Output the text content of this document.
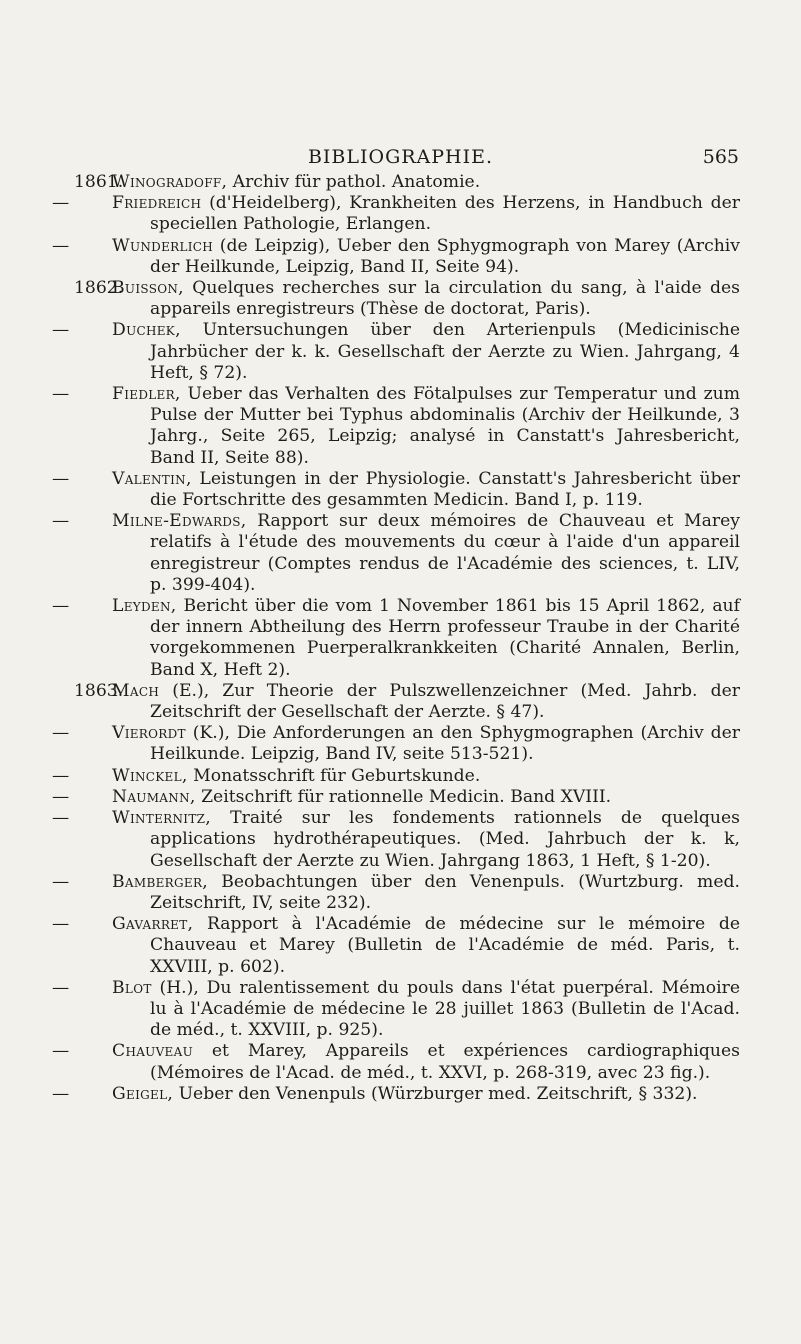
BIBLIOGRAPHIE.	565

1861.
Winogradoff, Archiv für pathol. Anatomie.

—	Friedreich (d'Heidelberg), Krankheiten des Herzens, in Handbuch der speciellen Pathologie, Erlangen.

—	Wunderlich (de Leipzig), Ueber den Sphygmograph von Marey (Archiv der Heilkunde, Leipzig, Band II, Seite 94).

1862.
Buisson, Quelques recherches sur la circulation du sang, à l'aide des appareils enregistreurs (Thèse de doctorat, Paris).

—	Duchek, Untersuchungen über den Arterienpuls (Medicinische Jahrbücher der k. k. Gesellschaft der Aerzte zu Wien. Jahrgang, 4 Heft, § 72).

—	Fiedler, Ueber das Verhalten des Fötalpulses zur Temperatur und zum Pulse der Mutter bei Typhus abdominalis (Archiv der Heilkunde, 3 Jahrg., Seite 265, Leipzig; analysé in Canstatt's Jahresbericht, Band II, Seite 88).

—	Valentin, Leistungen in der Physiologie. Canstatt's Jahresbericht über die Fortschritte des gesammten Medicin. Band I, p. 119.

—	Milne-Edwards, Rapport sur deux mémoires de Chauveau et Marey relatifs à l'étude des mouvements du cœur à l'aide d'un appareil enregistreur (Comptes rendus de l'Académie des sciences, t. LIV, p. 399-404).

—	Leyden, Bericht über die vom 1 November 1861 bis 15 April 1862, auf der innern Abtheilung des Herrn professeur Traube in der Charité vorgekommenen Puerperalkrankkeiten (Charité Annalen, Berlin, Band X, Heft 2).

1863.
Mach (E.), Zur Theorie der Pulszwellenzeichner (Med. Jahrb. der Zeitschrift der Gesellschaft der Aerzte. § 47).

—	Vierordt (K.), Die Anforderungen an den Sphygmographen (Archiv der Heilkunde. Leipzig, Band IV, seite 513-521).

—	Winckel, Monatsschrift für Geburtskunde.

—	Naumann, Zeitschrift für rationnelle Medicin. Band XVIII.

—	Winternitz, Traité sur les fondements rationnels de quelques applications hydrothérapeutiques. (Med. Jahrbuch der k. k, Gesellschaft der Aerzte zu Wien. Jahrgang 1863, 1 Heft, § 1-20).

—	Bamberger, Beobachtungen über den Venenpuls. (Wurtzburg. med. Zeitschrift, IV, seite 232).

—	Gavarret, Rapport à l'Académie de médecine sur le mémoire de Chauveau et Marey (Bulletin de l'Académie de méd. Paris, t. XXVIII, p. 602).

—	Blot (H.), Du ralentissement du pouls dans l'état puerpéral. Mémoire lu à l'Académie de médecine le 28 juillet 1863 (Bulletin de l'Acad. de méd., t. XXVIII, p. 925).

—	Chauveau et Marey, Appareils et expériences cardiographiques (Mémoires de l'Acad. de méd., t. XXVI, p. 268-319, avec 23 fig.).

—	Geigel, Ueber den Venenpuls (Würzburger med. Zeitschrift, § 332).
